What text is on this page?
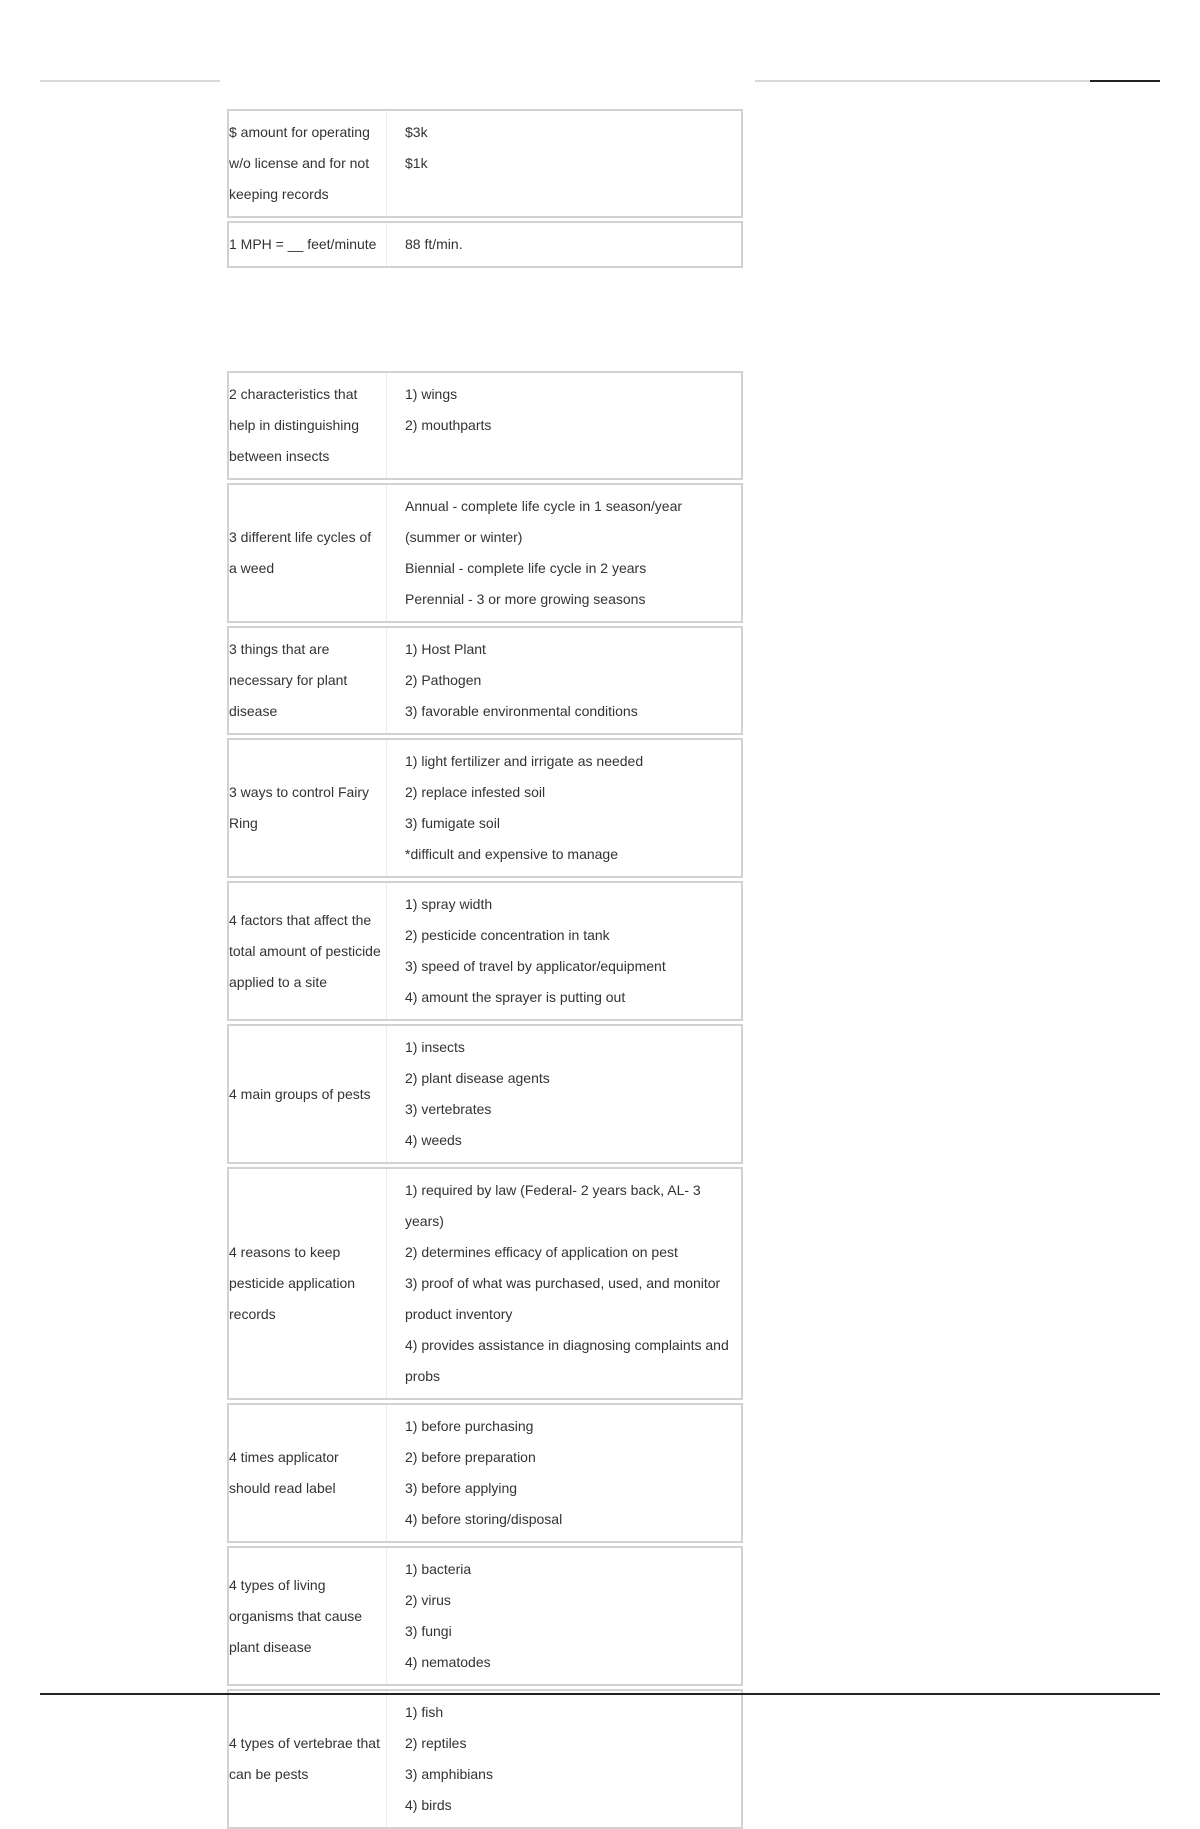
$ amount for operating w/o license and for not keeping records
$3k
$1k
1 MPH = __ feet/minute	88 ft/min.
2 characteristics that help in distinguishing between insects
1) wings
2) mouthparts
3 different life cycles of a weed
Annual - complete life cycle in 1 season/year (summer or winter)
Biennial - complete life cycle in 2 years
Perennial - 3 or more growing seasons
3 things that are necessary for plant disease
1) Host Plant
2) Pathogen
3) favorable environmental conditions
3 ways to control Fairy Ring
1) light fertilizer and irrigate as needed
2) replace infested soil
3) fumigate soil
*difficult and expensive to manage
4 factors that affect the total amount of pesticide applied to a site
1) spray width
2) pesticide concentration in tank
3) speed of travel by applicator/equipment
4) amount the sprayer is putting out
4 main groups of pests
1) insects
2) plant disease agents
3) vertebrates
4) weeds
4 reasons to keep pesticide application records
1) required by law (Federal- 2 years back, AL- 3 years)
2) determines efficacy of application on pest
3) proof of what was purchased, used, and monitor product inventory
4) provides assistance in diagnosing complaints and probs
4 times applicator should read label
1) before purchasing
2) before preparation
3) before applying
4) before storing/disposal
4 types of living organisms that cause plant disease
1) bacteria
2) virus
3) fungi
4) nematodes
4 types of vertebrae that can be pests
1) fish
2) reptiles
3) amphibians
4) birds
